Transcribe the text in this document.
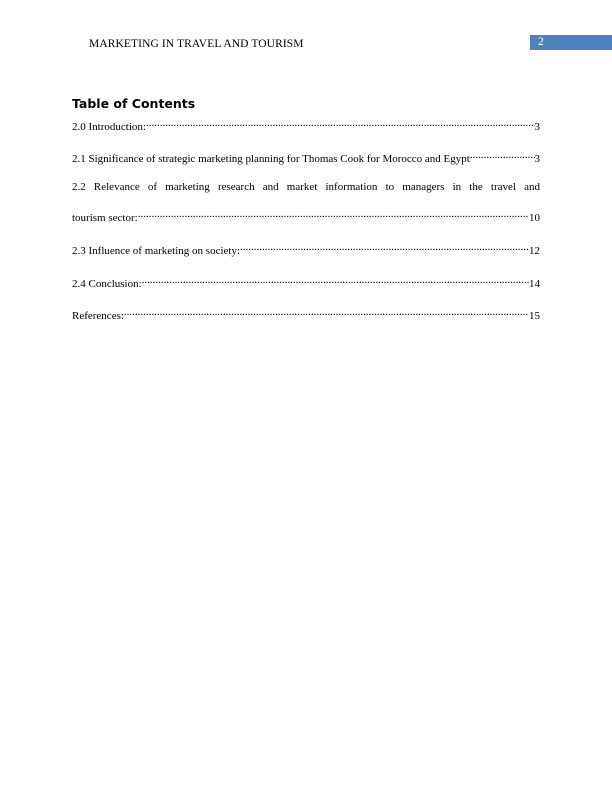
MARKETING IN TRAVEL AND TOURISM	2
Table of Contents
2.0 Introduction: .....	3
2.1 Significance of strategic marketing planning for Thomas Cook for Morocco and Egypt .....	3
2.2 Relevance of marketing research and market information to managers in the travel and
tourism sector: .....	10
2.3 Influence of marketing on society: .....	12
2.4 Conclusion: .....	14
References: .....	15
